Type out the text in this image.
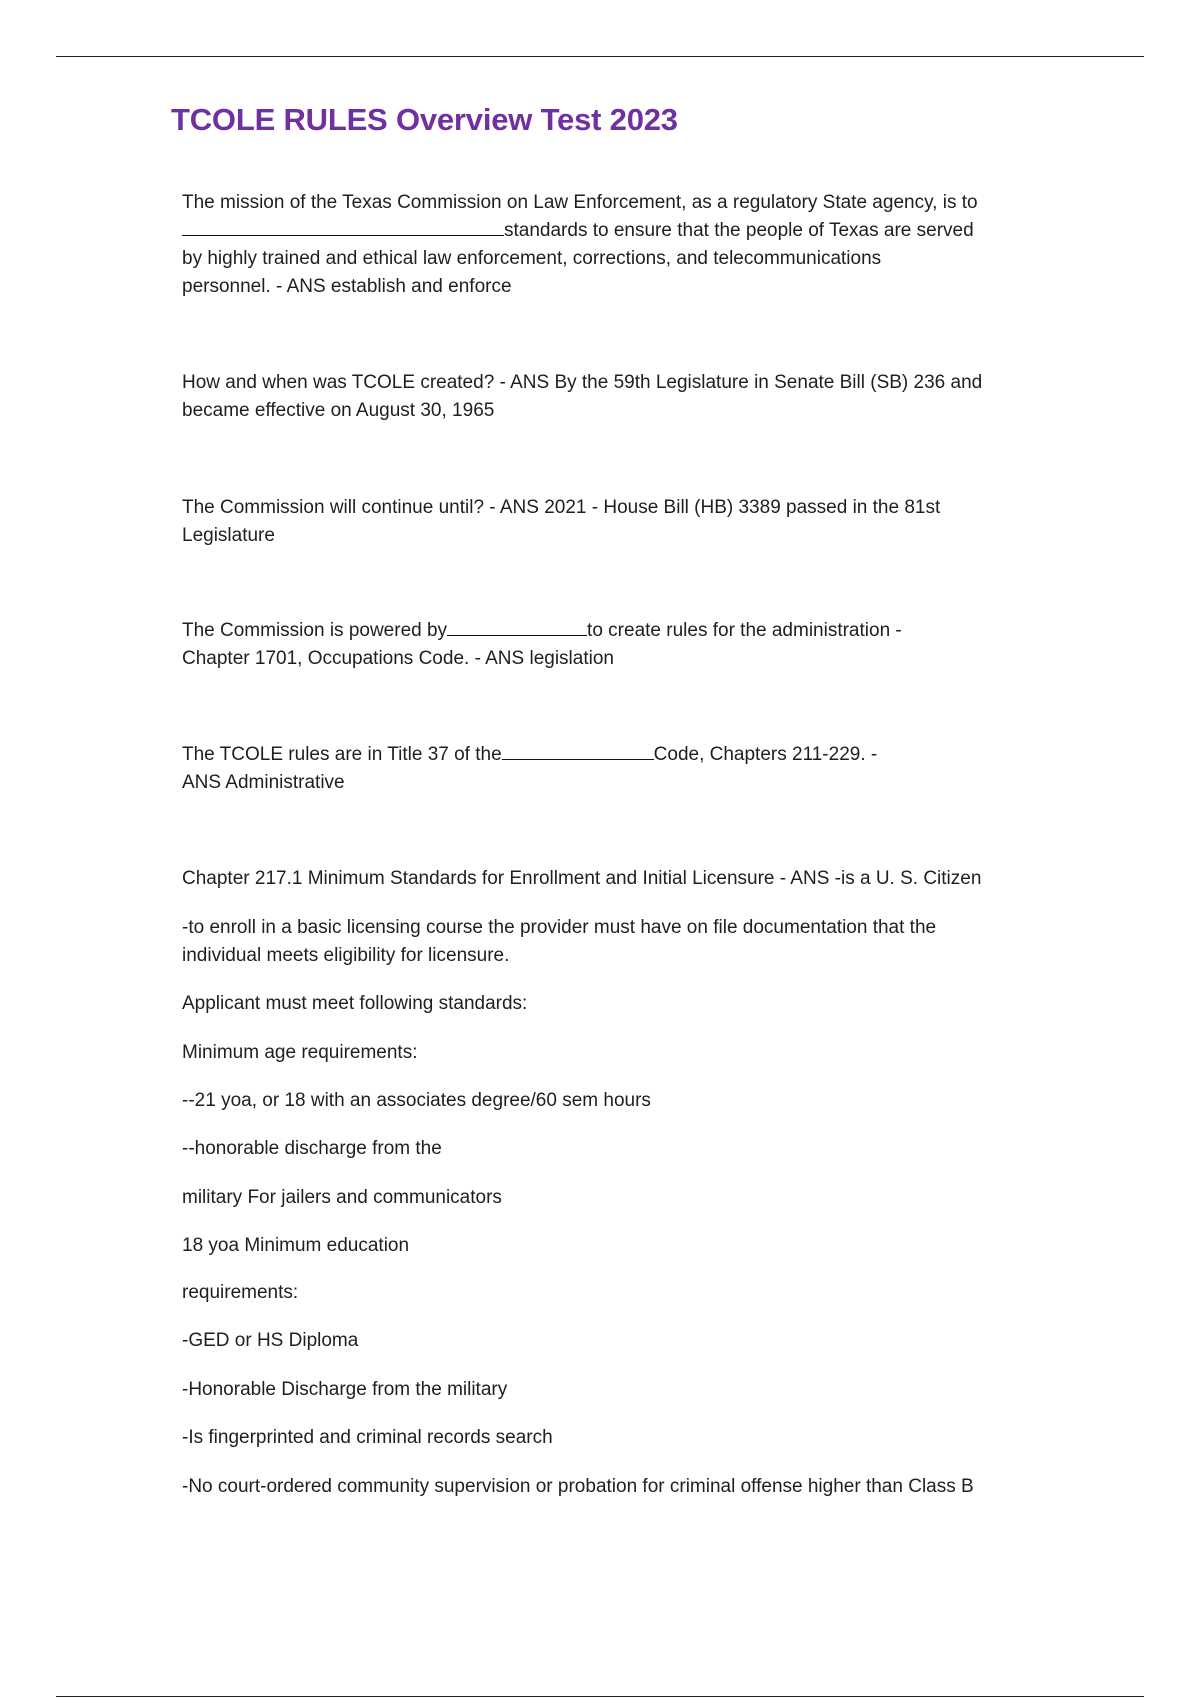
TCOLE RULES Overview Test 2023

The mission of the Texas Commission on Law Enforcement, as a regulatory State agency, is to

standards to ensure that the people of Texas are served

by highly trained and ethical law enforcement, corrections, and telecommunications

personnel. - ANS establish and enforce

How and when was TCOLE created? - ANS By the 59th Legislature in Senate Bill (SB) 236 and

became effective on August 30, 1965

The Commission will continue until? - ANS 2021 - House Bill (HB) 3389 passed in the 81st

Legislature

The Commission is powered by	to create rules for the administration -

Chapter 1701, Occupations Code. - ANS legislation

The TCOLE rules are in Title 37 of the	Code, Chapters 211-229. -

ANS Administrative

Chapter 217.1 Minimum Standards for Enrollment and Initial Licensure - ANS -is a U. S. Citizen

-to enroll in a basic licensing course the provider must have on file documentation that the

individual meets eligibility for licensure.

Applicant must meet following standards:

Minimum age requirements:

--21 yoa, or 18 with an associates degree/60 sem hours

--honorable discharge from the

military For jailers and communicators

18 yoa Minimum education

requirements:

-GED or HS Diploma

-Honorable Discharge from the military

-Is fingerprinted and criminal records search

-No court-ordered community supervision or probation for criminal offense higher than Class B
